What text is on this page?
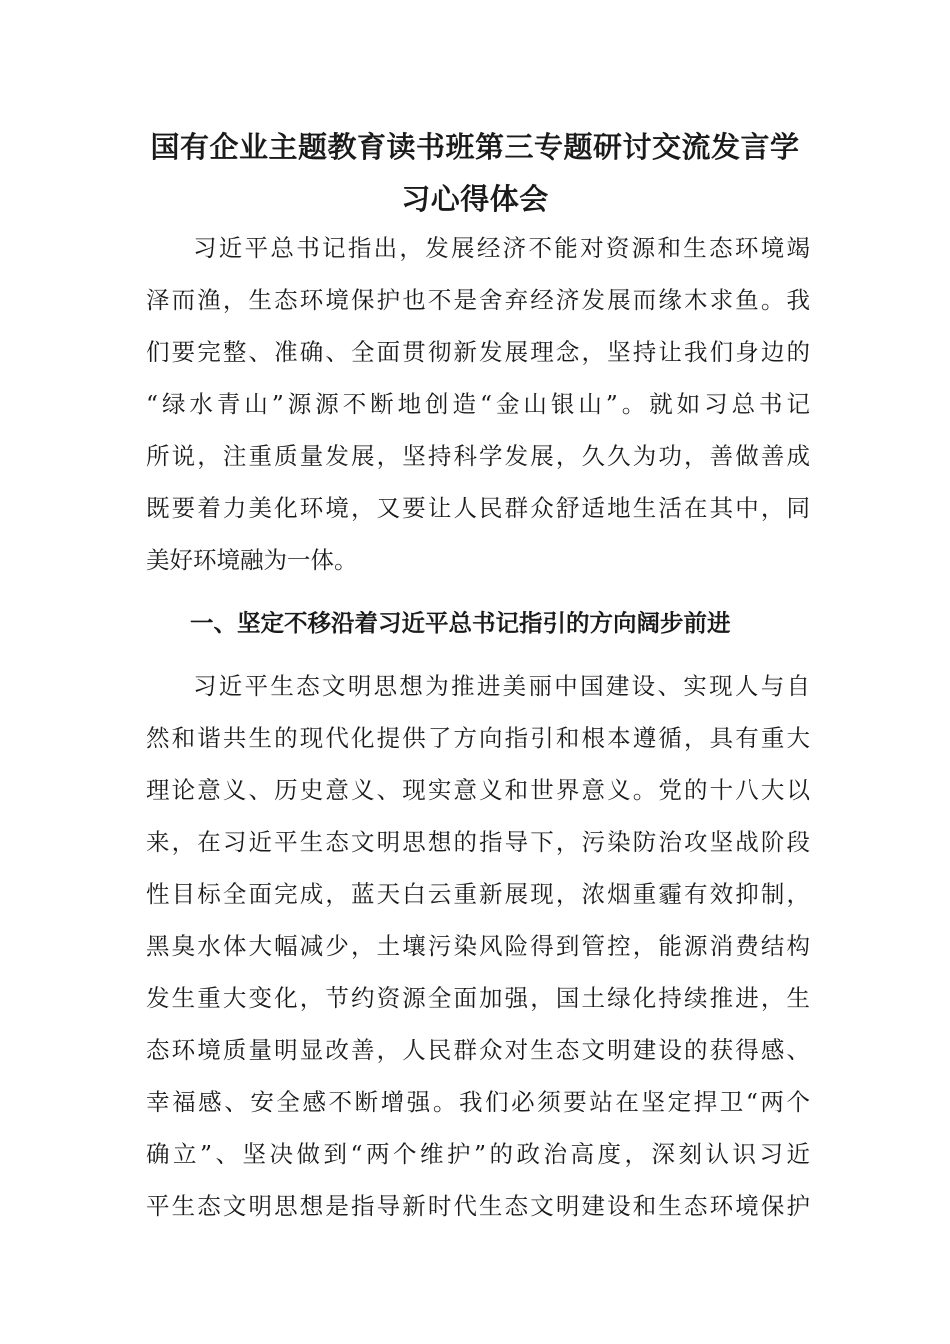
国有企业主题教育读书班第三专题研讨交流发言学
习心得体会
习近平总书记指出，发展经济不能对资源和生态环境竭
泽而渔，生态环境保护也不是舍弃经济发展而缘木求鱼。我
们要完整、准确、全面贯彻新发展理念，坚持让我们身边的
“绿水青山”源源不断地创造“金山银山”。就如习总书记
所说，注重质量发展，坚持科学发展，久久为功，善做善成
既要着力美化环境，又要让人民群众舒适地生活在其中，同
美好环境融为一体。
一、坚定不移沿着习近平总书记指引的方向阔步前进
习近平生态文明思想为推进美丽中国建设、实现人与自
然和谐共生的现代化提供了方向指引和根本遵循，具有重大
理论意义、历史意义、现实意义和世界意义。党的十八大以
来，在习近平生态文明思想的指导下，污染防治攻坚战阶段
性目标全面完成，蓝天白云重新展现，浓烟重霾有效抑制，
黑臭水体大幅减少，土壤污染风险得到管控，能源消费结构
发生重大变化，节约资源全面加强，国土绿化持续推进，生
态环境质量明显改善，人民群众对生态文明建设的获得感、
幸福感、安全感不断增强。我们必须要站在坚定捍卫“两个
确立”、坚决做到“两个维护”的政治高度，深刻认识习近
平生态文明思想是指导新时代生态文明建设和生态环境保护
